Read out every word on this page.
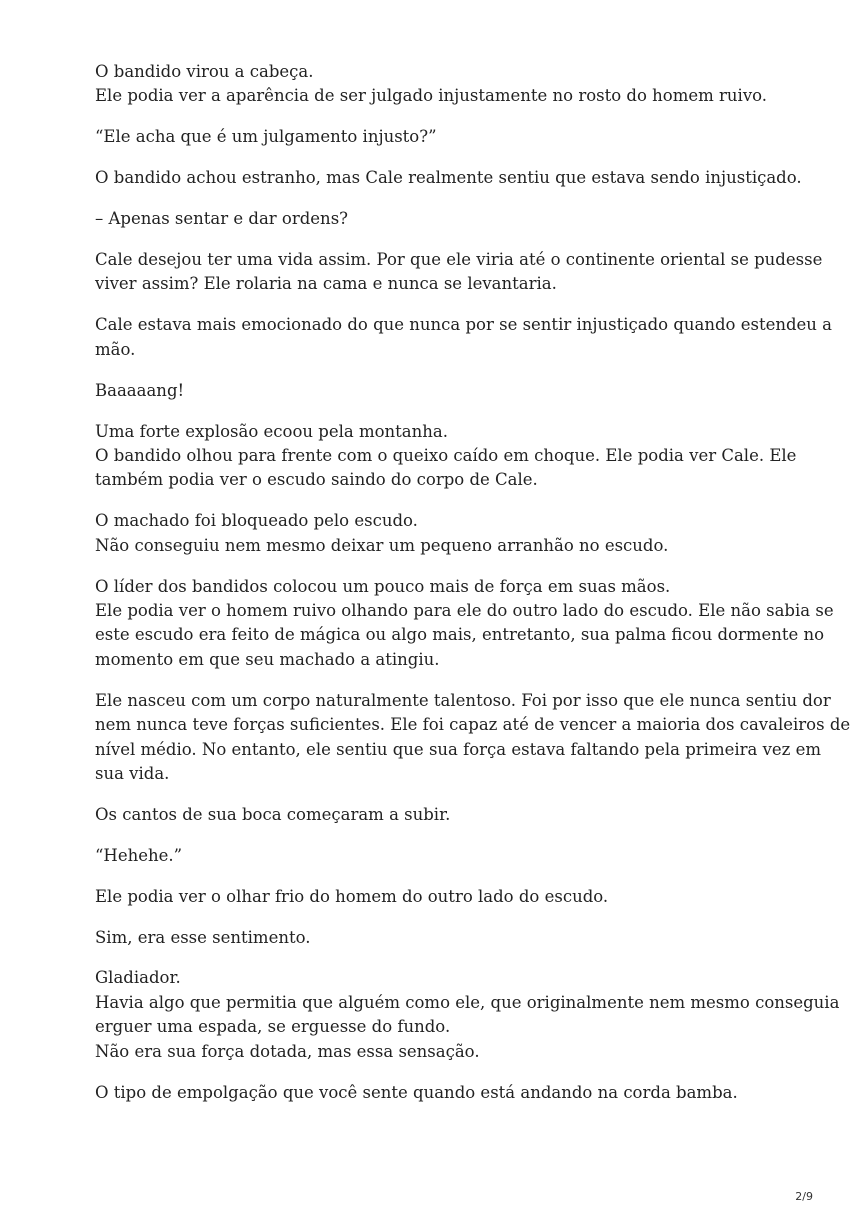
O bandido virou a cabeça.
Ele podia ver a aparência de ser julgado injustamente no rosto do homem ruivo.

“Ele acha que é um julgamento injusto?”

O bandido achou estranho, mas Cale realmente sentiu que estava sendo injustiçado.

– Apenas sentar e dar ordens?

Cale desejou ter uma vida assim. Por que ele viria até o continente oriental se pudesse
viver assim? Ele rolaria na cama e nunca se levantaria.

Cale estava mais emocionado do que nunca por se sentir injustiçado quando estendeu a
mão.

Baaaaang!

Uma forte explosão ecoou pela montanha.
O bandido olhou para frente com o queixo caído em choque. Ele podia ver Cale. Ele
também podia ver o escudo saindo do corpo de Cale.

O machado foi bloqueado pelo escudo.
Não conseguiu nem mesmo deixar um pequeno arranhão no escudo.

O líder dos bandidos colocou um pouco mais de força em suas mãos.
Ele podia ver o homem ruivo olhando para ele do outro lado do escudo. Ele não sabia se
este escudo era feito de mágica ou algo mais, entretanto, sua palma ficou dormente no
momento em que seu machado a atingiu.

Ele nasceu com um corpo naturalmente talentoso. Foi por isso que ele nunca sentiu dor
nem nunca teve forças suficientes. Ele foi capaz até de vencer a maioria dos cavaleiros de
nível médio. No entanto, ele sentiu que sua força estava faltando pela primeira vez em
sua vida.

Os cantos de sua boca começaram a subir.

“Hehehe.”

Ele podia ver o olhar frio do homem do outro lado do escudo.

Sim, era esse sentimento.

Gladiador.
Havia algo que permitia que alguém como ele, que originalmente nem mesmo conseguia
erguer uma espada, se erguesse do fundo.
Não era sua força dotada, mas essa sensação.

O tipo de empolgação que você sente quando está andando na corda bamba.

2/9
